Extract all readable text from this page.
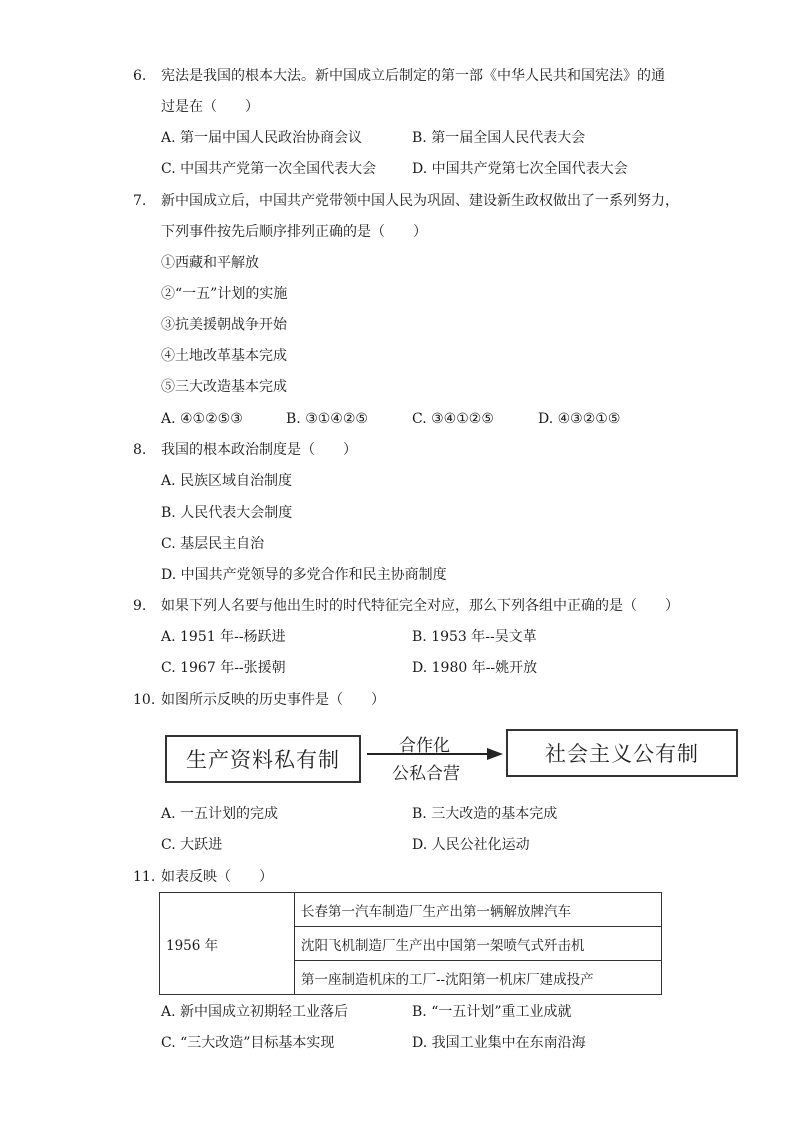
6. 宪法是我国的根本大法。新中国成立后制定的第一部《中华人民共和国宪法》的通
过是在（　　）
A. 第一届中国人民政治协商会议	B. 第一届全国人民代表大会
C. 中国共产党第一次全国代表大会	D. 中国共产党第七次全国代表大会
7. 新中国成立后，中国共产党带领中国人民为巩固、建设新生政权做出了一系列努力，
下列事件按先后顺序排列正确的是（　　）
①西藏和平解放
②“一五”计划的实施
③抗美援朝战争开始
④土地改革基本完成
⑤三大改造基本完成
A. ④①②⑤③	B. ③①④②⑤	C. ③④①②⑤	D. ④③②①⑤
8. 我国的根本政治制度是（　　）
A. 民族区域自治制度
B. 人民代表大会制度
C. 基层民主自治
D. 中国共产党领导的多党合作和民主协商制度
9. 如果下列人名要与他出生时的时代特征完全对应，那么下列各组中正确的是（　　）
A. 1951 年--杨跃进	B. 1953 年--吴文革
C. 1967 年--张援朝	D. 1980 年--姚开放
10. 如图所示反映的历史事件是（　　）
生产资料私有制
合作化
公私合营
社会主义公有制
A. 一五计划的完成	B. 三大改造的基本完成
C. 大跃进	D. 人民公社化运动
11. 如表反映（　　）
1956 年	长春第一汽车制造厂生产出第一辆解放牌汽车
沈阳飞机制造厂生产出中国第一架喷气式歼击机
第一座制造机床的工厂--沈阳第一机床厂建成投产
A. 新中国成立初期轻工业落后	B. “一五计划”重工业成就
C. “三大改造”目标基本实现	D. 我国工业集中在东南沿海
